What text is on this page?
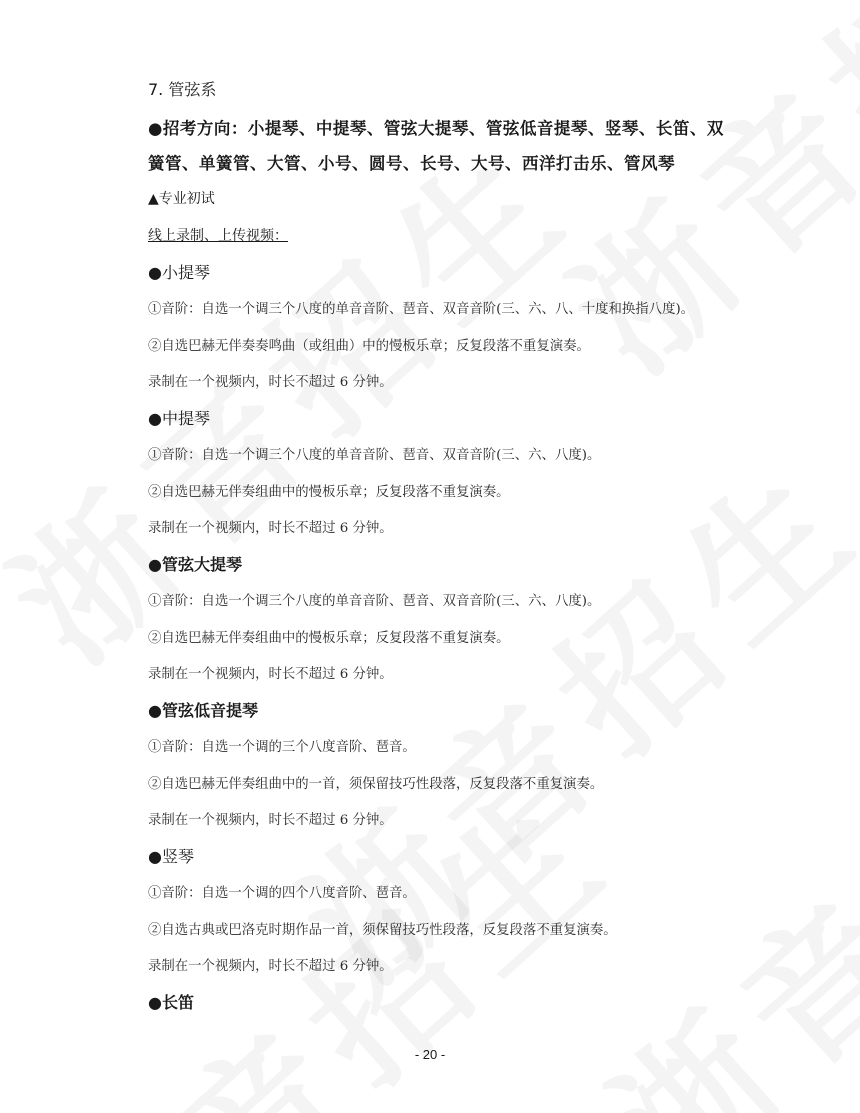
7. 管弦系
●招考方向：小提琴、中提琴、管弦大提琴、管弦低音提琴、竖琴、长笛、双
簧管、单簧管、大管、小号、圆号、长号、大号、西洋打击乐、管风琴
▲专业初试
线上录制、上传视频：
●小提琴
①音阶：自选一个调三个八度的单音音阶、琶音、双音音阶(三、六、八、十度和换指八度)。
②自选巴赫无伴奏奏鸣曲（或组曲）中的慢板乐章；反复段落不重复演奏。
录制在一个视频内，时长不超过 6 分钟。
●中提琴
①音阶：自选一个调三个八度的单音音阶、琶音、双音音阶(三、六、八度)。
②自选巴赫无伴奏组曲中的慢板乐章；反复段落不重复演奏。
录制在一个视频内，时长不超过 6 分钟。
●管弦大提琴
①音阶：自选一个调三个八度的单音音阶、琶音、双音音阶(三、六、八度)。
②自选巴赫无伴奏组曲中的慢板乐章；反复段落不重复演奏。
录制在一个视频内，时长不超过 6 分钟。
●管弦低音提琴
①音阶：自选一个调的三个八度音阶、琶音。
②自选巴赫无伴奏组曲中的一首，须保留技巧性段落，反复段落不重复演奏。
录制在一个视频内，时长不超过 6 分钟。
●竖琴
①音阶：自选一个调的四个八度音阶、琶音。
②自选古典或巴洛克时期作品一首，须保留技巧性段落，反复段落不重复演奏。
录制在一个视频内，时长不超过 6 分钟。
●长笛
- 20 -
